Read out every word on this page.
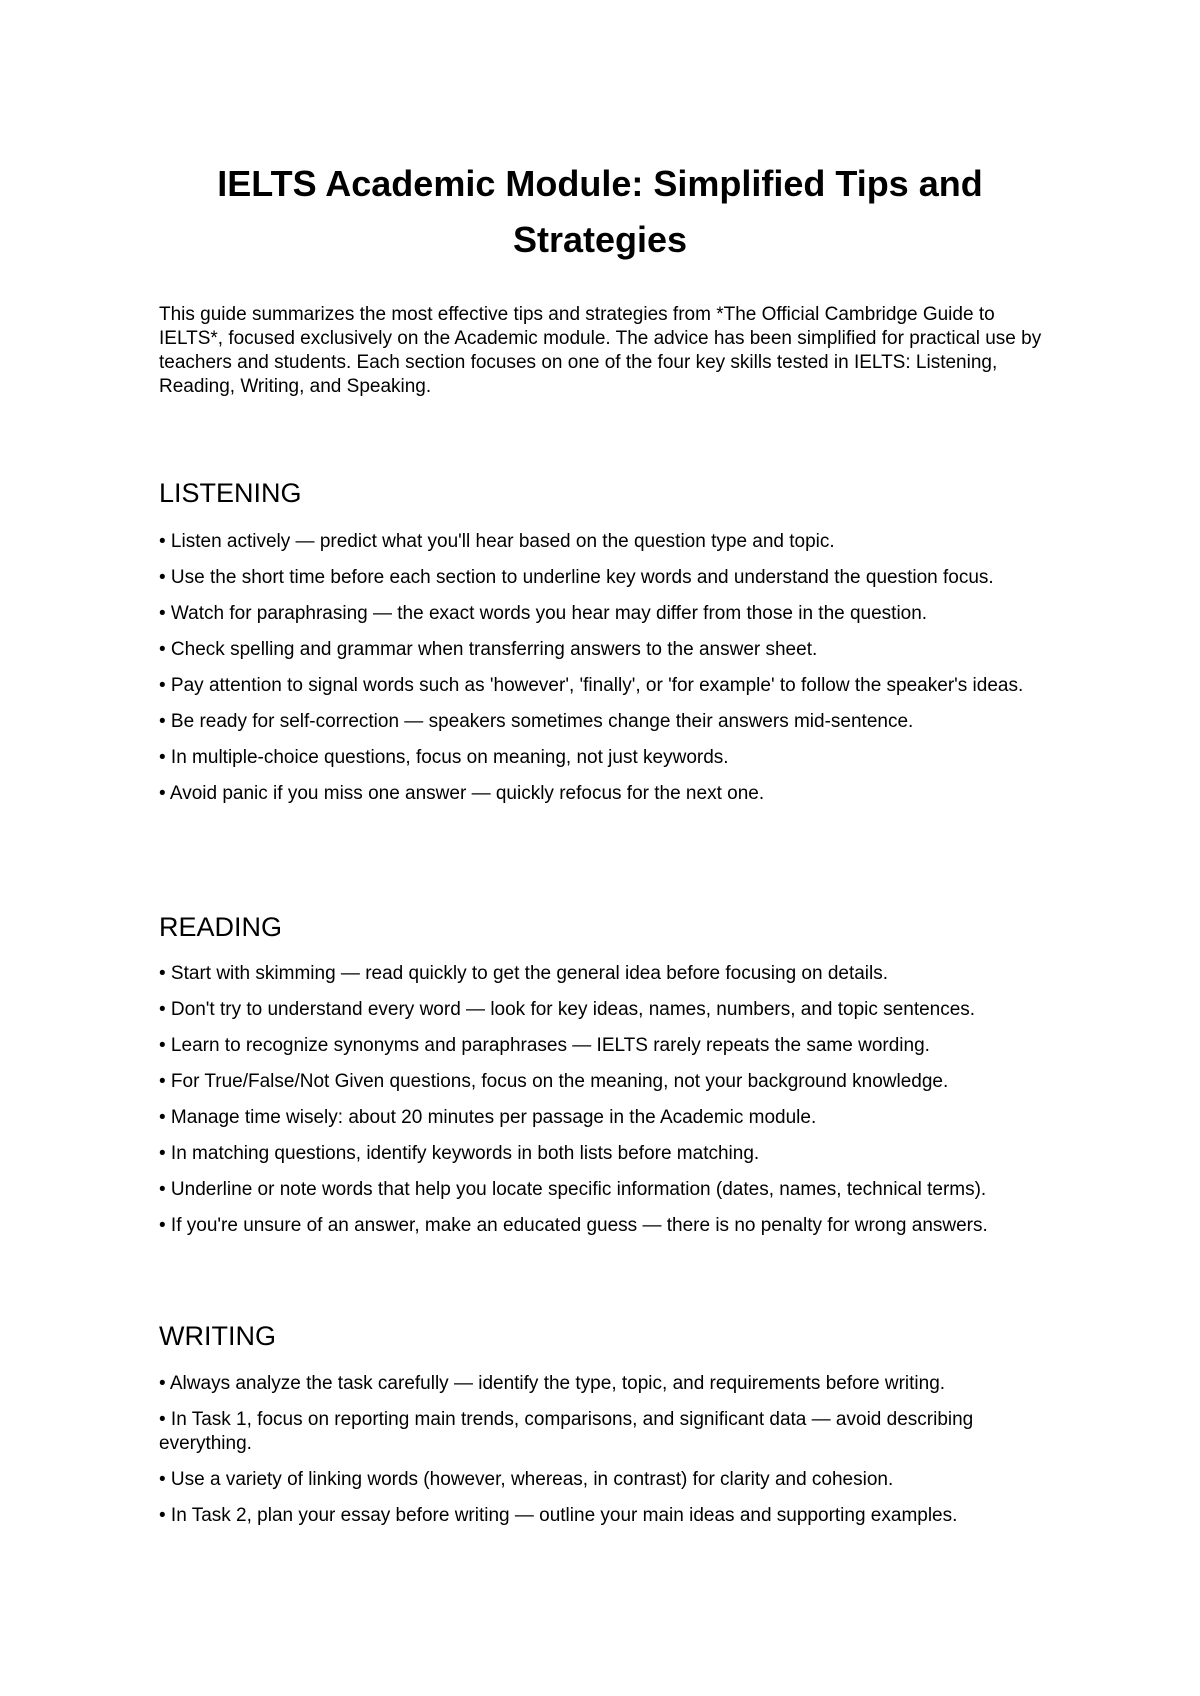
IELTS Academic Module: Simplified Tips and Strategies

This guide summarizes the most effective tips and strategies from *The Official Cambridge Guide to IELTS*, focused exclusively on the Academic module. The advice has been simplified for practical use by teachers and students. Each section focuses on one of the four key skills tested in IELTS: Listening, Reading, Writing, and Speaking.

LISTENING
• Listen actively — predict what you'll hear based on the question type and topic.
• Use the short time before each section to underline key words and understand the question focus.
• Watch for paraphrasing — the exact words you hear may differ from those in the question.
• Check spelling and grammar when transferring answers to the answer sheet.
• Pay attention to signal words such as 'however', 'finally', or 'for example' to follow the speaker's ideas.
• Be ready for self-correction — speakers sometimes change their answers mid-sentence.
• In multiple-choice questions, focus on meaning, not just keywords.
• Avoid panic if you miss one answer — quickly refocus for the next one.
READING
• Start with skimming — read quickly to get the general idea before focusing on details.
• Don't try to understand every word — look for key ideas, names, numbers, and topic sentences.
• Learn to recognize synonyms and paraphrases — IELTS rarely repeats the same wording.
• For True/False/Not Given questions, focus on the meaning, not your background knowledge.
• Manage time wisely: about 20 minutes per passage in the Academic module.
• In matching questions, identify keywords in both lists before matching.
• Underline or note words that help you locate specific information (dates, names, technical terms).
• If you're unsure of an answer, make an educated guess — there is no penalty for wrong answers.
WRITING
• Always analyze the task carefully — identify the type, topic, and requirements before writing.
• In Task 1, focus on reporting main trends, comparisons, and significant data — avoid describing everything.
• Use a variety of linking words (however, whereas, in contrast) for clarity and cohesion.
• In Task 2, plan your essay before writing — outline your main ideas and supporting examples.
